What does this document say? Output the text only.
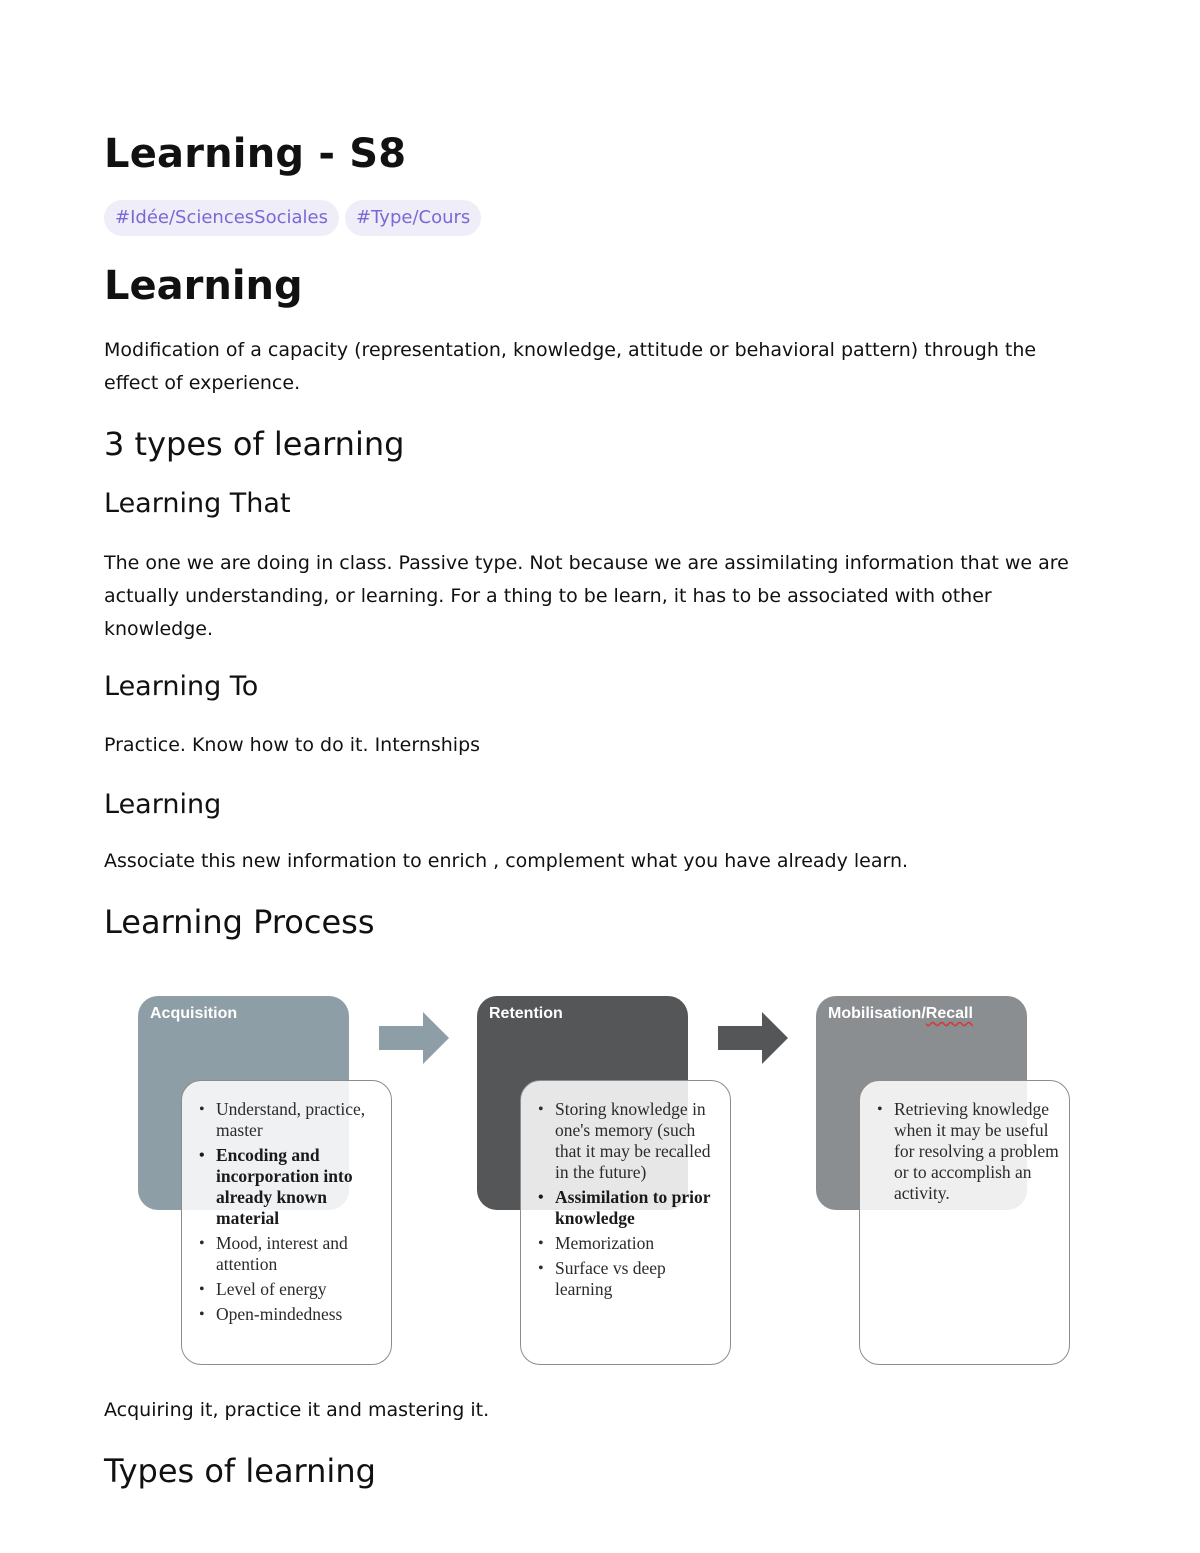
Learning - S8
#Idée/SciencesSociales	#Type/Cours
Learning

Modification of a capacity (representation, knowledge, attitude or behavioral pattern) through the effect of experience.

3 types of learning
Learning That

The one we are doing in class. Passive type. Not because we are assimilating information that we are actually understanding, or learning. For a thing to be learn, it has to be associated with other knowledge.

Learning To

Practice. Know how to do it. Internships

Learning

Associate this new information to enrich , complement what you have already learn.

Learning Process

Acquiring it, practice it and mastering it.

Types of learning
Acquisition
• Understand, practice, master
• Encoding and incorporation into already known material
• Mood, interest and attention
• Level of energy
• Open-mindedness
Retention
• Storing knowledge in one's memory (such that it may be recalled in the future)
• Assimilation to prior knowledge
• Memorization
• Surface vs deep learning
Mobilisation/Recall
• Retrieving knowledge when it may be useful for resolving a problem or to accomplish an activity.
